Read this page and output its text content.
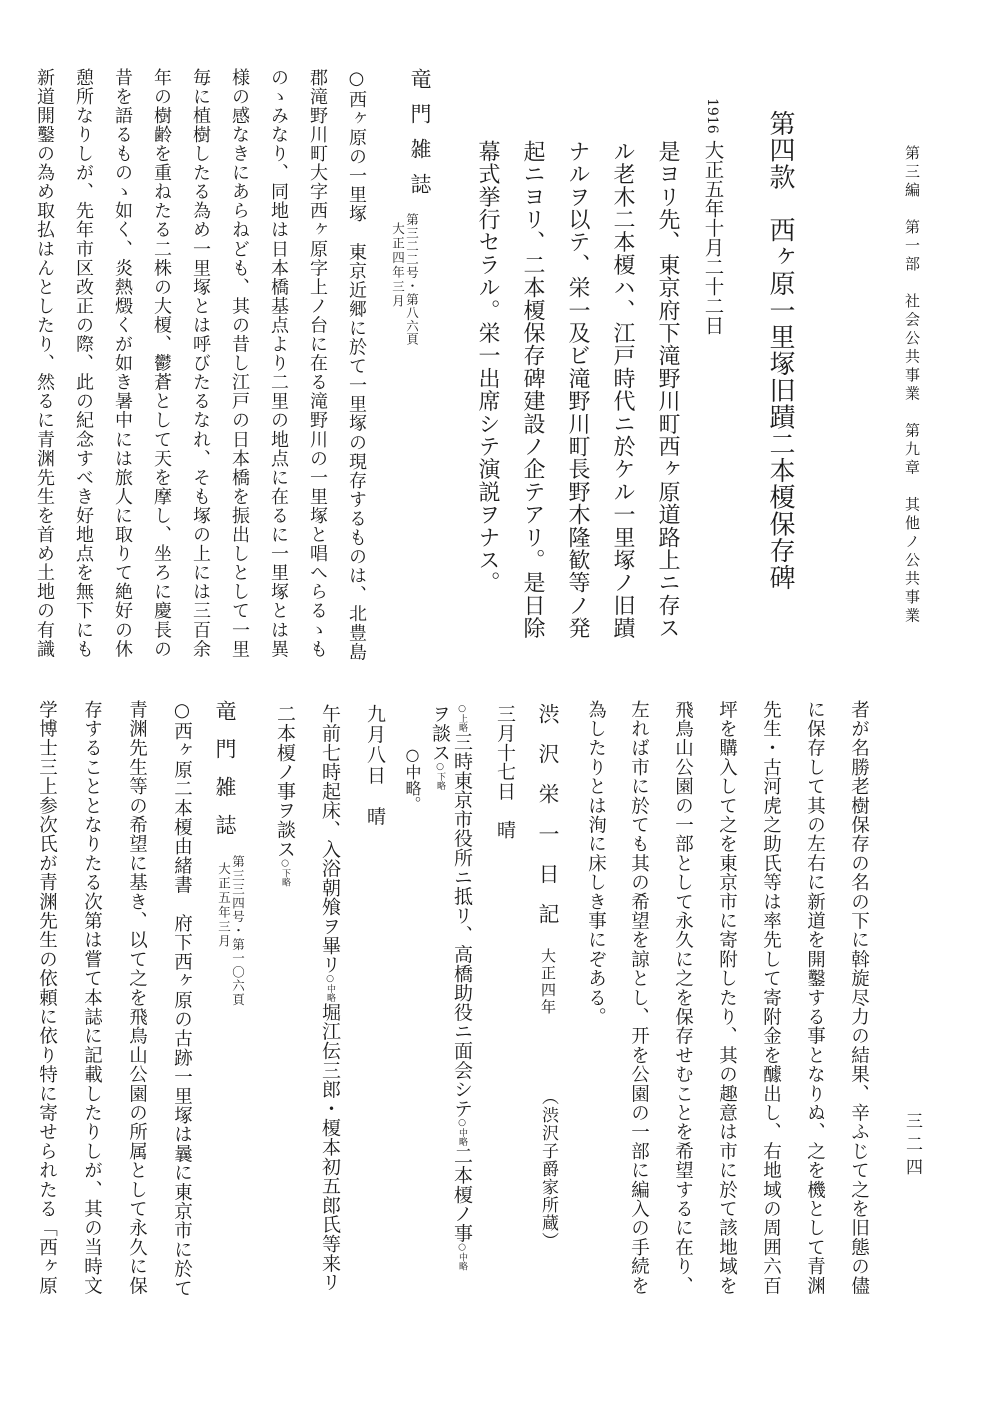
第三編　第一部　社会公共事業　第九章　其他ノ公共事業
三二四
第四款　西ヶ原一里塚旧蹟二本榎保存碑
1916
大正五年十月二十二日
是ヨリ先、東京府下滝野川町西ヶ原道路上ニ存ス
ル老木二本榎ハ、江戸時代ニ於ケル一里塚ノ旧蹟
ナルヲ以テ、栄一及ビ滝野川町長野木隆歓等ノ発
起ニヨリ、二本榎保存碑建設ノ企テアリ。是日除
幕式挙行セラル。栄一出席シテ演説ヲナス。
竜門雑誌
第三二二号・第八六頁
大正四年三月
○西ヶ原の一里塚　東京近郷に於て一里塚の現存するものは、北豊島
郡滝野川町大字西ヶ原字上ノ台に在る滝野川の一里塚と唱へらるゝも
のゝみなり、同地は日本橋基点より二里の地点に在るに一里塚とは異
様の感なきにあらねども、其の昔し江戸の日本橋を振出しとして一里
毎に植樹したる為め一里塚とは呼びたるなれ、そも塚の上には三百余
年の樹齢を重ねたる二株の大榎、鬱蒼として天を摩し、坐ろに慶長の
昔を語るものゝ如く、炎熱燬くが如き暑中には旅人に取りて絶好の休
憩所なりしが、先年市区改正の際、此の紀念すべき好地点を無下にも
新道開鑿の為め取払はんとしたり、然るに青渊先生を首め土地の有識
者が名勝老樹保存の名の下に斡旋尽力の結果、辛ふじて之を旧態の儘
に保存して其の左右に新道を開鑿する事となりぬ、之を機として青渊
先生・古河虎之助氏等は率先して寄附金を醵出し、右地域の周囲六百
坪を購入して之を東京市に寄附したり、其の趣意は市に於て該地域を
飛鳥山公園の一部として永久に之を保存せむことを希望するに在り、
左れば市に於ても其の希望を諒とし、开を公園の一部に編入の手続を
為したりとは洵に床しき事にぞある。
渋沢栄一日記
大正四年
（渋沢子爵家所蔵）
三月十七日　晴
○上略三時東京市役所ニ抵リ、高橋助役ニ面会シテ○中略二本榎ノ事○中略
ヲ談ス○下略
○中略。
九月八日　晴
午前七時起床、入浴朝飧ヲ畢リ○中略堀江伝三郎・榎本初五郎氏等来リ
二本榎ノ事ヲ談ス○下略
竜門雑誌
第三三四号・第一〇六頁
大正五年三月
○西ヶ原二本榎由緒書　府下西ヶ原の古跡一里塚は曩に東京市に於て
青渊先生等の希望に基き、以て之を飛鳥山公園の所属として永久に保
存することとなりたる次第は嘗て本誌に記載したりしが、其の当時文
学博士三上参次氏が青渊先生の依頼に依り特に寄せられたる「西ヶ原
